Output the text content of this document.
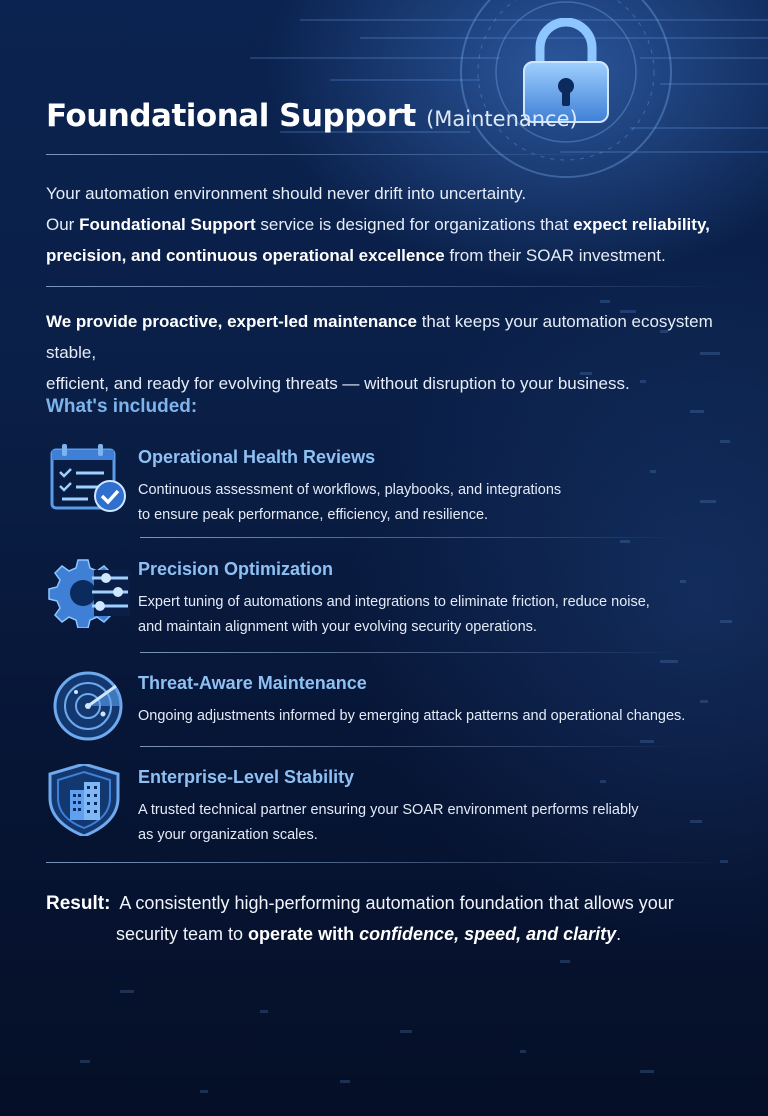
Foundational Support (Maintenance)
Your automation environment should never drift into uncertainty.
Our Foundational Support service is designed for organizations that expect reliability,
precision, and continuous operational excellence from their SOAR investment.
We provide proactive, expert-led maintenance that keeps your automation ecosystem stable,
efficient, and ready for evolving threats — without disruption to your business.
What's included:
Operational Health Reviews
Continuous assessment of workflows, playbooks, and integrations
to ensure peak performance, efficiency, and resilience.
Precision Optimization
Expert tuning of automations and integrations to eliminate friction, reduce noise,
and maintain alignment with your evolving security operations.
Threat-Aware Maintenance
Ongoing adjustments informed by emerging attack patterns and operational changes.
Enterprise-Level Stability
A trusted technical partner ensuring your SOAR environment performs reliably
as your organization scales.
Result: A consistently high-performing automation foundation that allows your
security team to operate with confidence, speed, and clarity.
